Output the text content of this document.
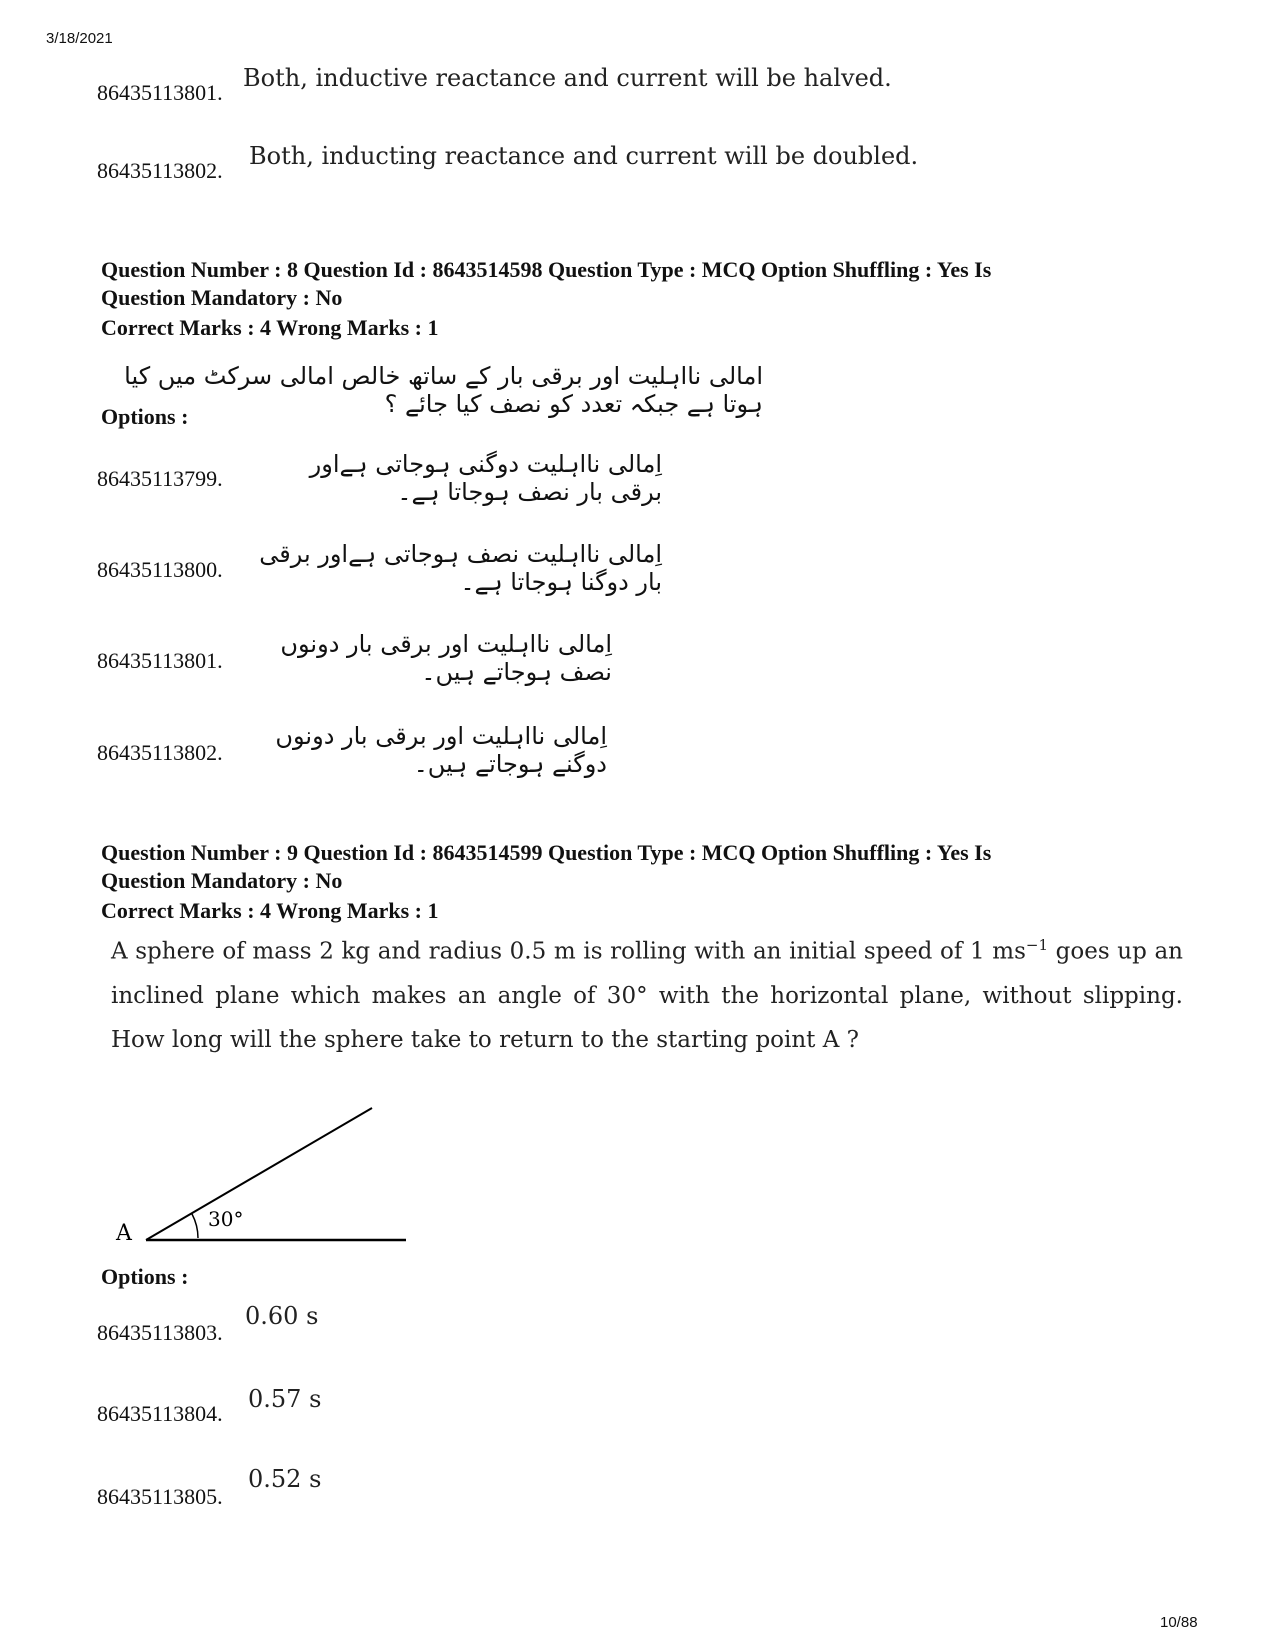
3/18/2021
86435113801.
Both, inductive reactance and current will be halved.
86435113802.
Both, inducting reactance and current will be doubled.
Question Number : 8 Question Id : 8643514598 Question Type : MCQ Option Shuffling : Yes Is
Question Mandatory : No
Correct Marks : 4 Wrong Marks : 1
امالی نااہلیت اور برقی بار کے ساتھ خالص امالی سرکٹ میں کیا ہوتا ہے جبکہ تعدد کو نصف کیا جائے ؟
Options :
86435113799.
اِمالی نااہلیت دوگنی ہوجاتی ہےاور برقی بار نصف ہوجاتا ہے۔
86435113800.
اِمالی نااہلیت نصف ہوجاتی ہےاور برقی بار دوگنا ہوجاتا ہے۔
86435113801.
اِمالی نااہلیت اور برقی بار دونوں نصف ہوجاتے ہیں۔
86435113802.
اِمالی نااہلیت اور برقی بار دونوں دوگنے ہوجاتے ہیں۔
Question Number : 9 Question Id : 8643514599 Question Type : MCQ Option Shuffling : Yes Is
Question Mandatory : No
Correct Marks : 4 Wrong Marks : 1
A sphere of mass 2 kg and radius 0.5 m is rolling with an initial speed of 1 $ms^{-1}$ goes up an inclined plane which makes an angle of 30° with the horizontal plane, without slipping. How long will the sphere take to return to the starting point A ?
A
30°
Options :
86435113803.
0.60 s
86435113804.
0.57 s
86435113805.
0.52 s
10/88
